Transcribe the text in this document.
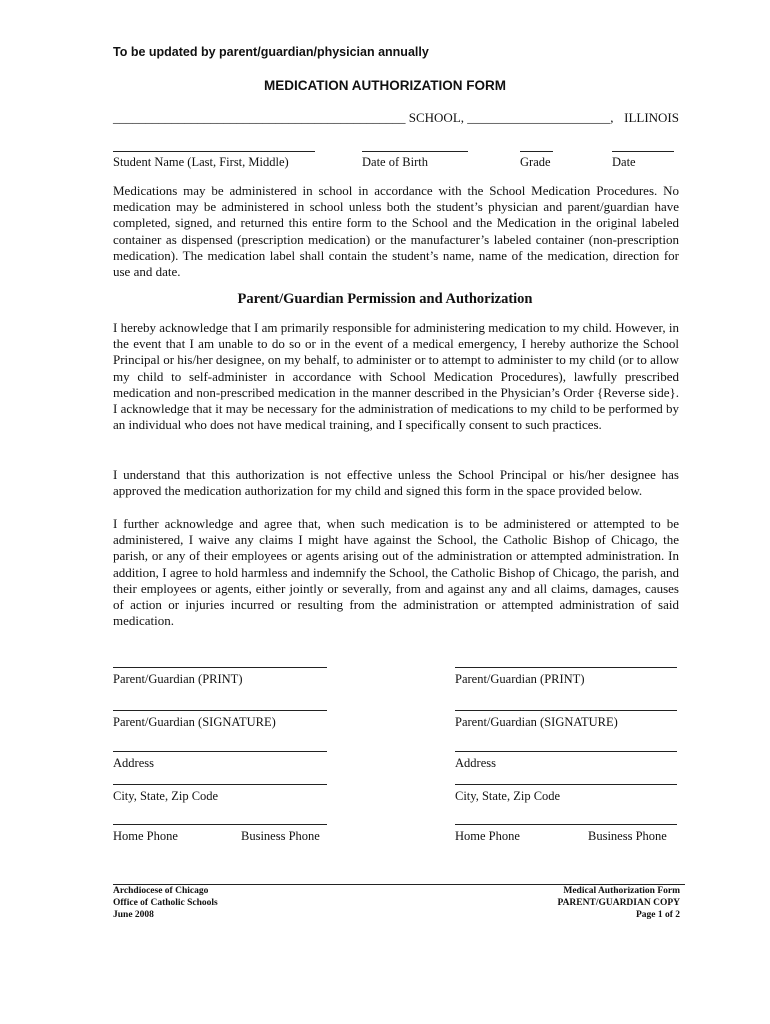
To be updated by parent/guardian/physician annually
MEDICATION AUTHORIZATION FORM
_____________________________________________ SCHOOL, ______________________, ILLINOIS
Student Name (Last, First, Middle)	Date of Birth	Grade	Date

Medications may be administered in school in accordance with the School Medication Procedures. No medication may be administered in school unless both the student’s physician and parent/guardian have completed, signed, and returned this entire form to the School and the Medication in the original labeled container as dispensed (prescription medication) or the manufacturer’s labeled container (non-prescription medication). The medication label shall contain the student’s name, name of the medication, direction for use and date.

Parent/Guardian Permission and Authorization

I hereby acknowledge that I am primarily responsible for administering medication to my child. However, in the event that I am unable to do so or in the event of a medical emergency, I hereby authorize the School Principal or his/her designee, on my behalf, to administer or to attempt to administer to my child (or to allow my child to self-administer in accordance with School Medication Procedures), lawfully prescribed medication and non-prescribed medication in the manner described in the Physician’s Order {Reverse side}. I acknowledge that it may be necessary for the administration of medications to my child to be performed by an individual who does not have medical training, and I specifically consent to such practices.

I understand that this authorization is not effective unless the School Principal or his/her designee has approved the medication authorization for my child and signed this form in the space provided below.

I further acknowledge and agree that, when such medication is to be administered or attempted to be administered, I waive any claims I might have against the School, the Catholic Bishop of Chicago, the parish, or any of their employees or agents arising out of the administration or attempted administration. In addition, I agree to hold harmless and indemnify the School, the Catholic Bishop of Chicago, the parish, and their employees or agents, either jointly or severally, from and against any and all claims, damages, causes of action or injuries incurred or resulting from the administration or attempted administration of said medication.

Parent/Guardian (PRINT)
Parent/Guardian (SIGNATURE)
Address
City, State, Zip Code
Home Phone	Business Phone
Parent/Guardian (PRINT)
Parent/Guardian (SIGNATURE)
Address
City, State, Zip Code
Home Phone	Business Phone
Archdiocese of Chicago
Office of Catholic Schools
June 2008
Medical Authorization Form
PARENT/GUARDIAN COPY
Page 1 of 2
